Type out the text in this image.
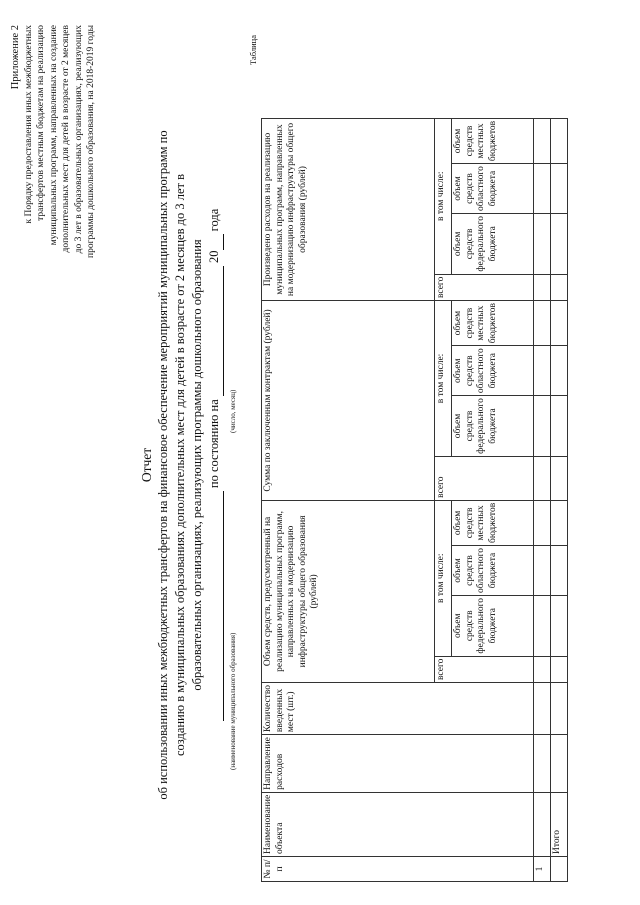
Приложение 2 к Порядку предоставления иных межбюджетных трансфертов местным бюджетам на реализацию муниципальных программ, направленных на создание дополнительных мест для детей в возрасте от 2 месяцев до 3 лет в образовательных организациях, реализующих программы дошкольного образования, на 2018-2019 годы
Отчет об использовании иных межбюджетных трансфертов на финансовое обеспечение мероприятий муниципальных программ по созданию в муниципальных образованиях дополнительных мест для детей в возрасте от 2 месяцев до 3 лет в образовательных организациях, реализующих программы дошкольного образования по состоянию на   20  года
(наименование муниципального образования)
(число, месяц)
Таблица
№ п/п	Наименование объекта	Направление расходов	Количество введенных мест (шт.)	Объем средств, предусмотренный на реализацию муниципальных программ, направленных на модернизацию инфраструктуры общего образования (рублей)				Сумма по заключенным контрактам (рублей)				Произведено расходов на реализацию муниципальных программ, направленных на модернизацию инфраструктуры общего образования (рублей)			
				всего	в том числе:			всего	в том числе:			всего	в том числе:		
					объем средств федерального бюджета	объем средств областного бюджета	объем средств местных бюджетов		объем средств федерального бюджета	объем средств областного бюджета	объем средств местных бюджетов		объем средств федерального бюджета	объем средств областного бюджета	объем средств местных бюджетов
1															
	Итого														
